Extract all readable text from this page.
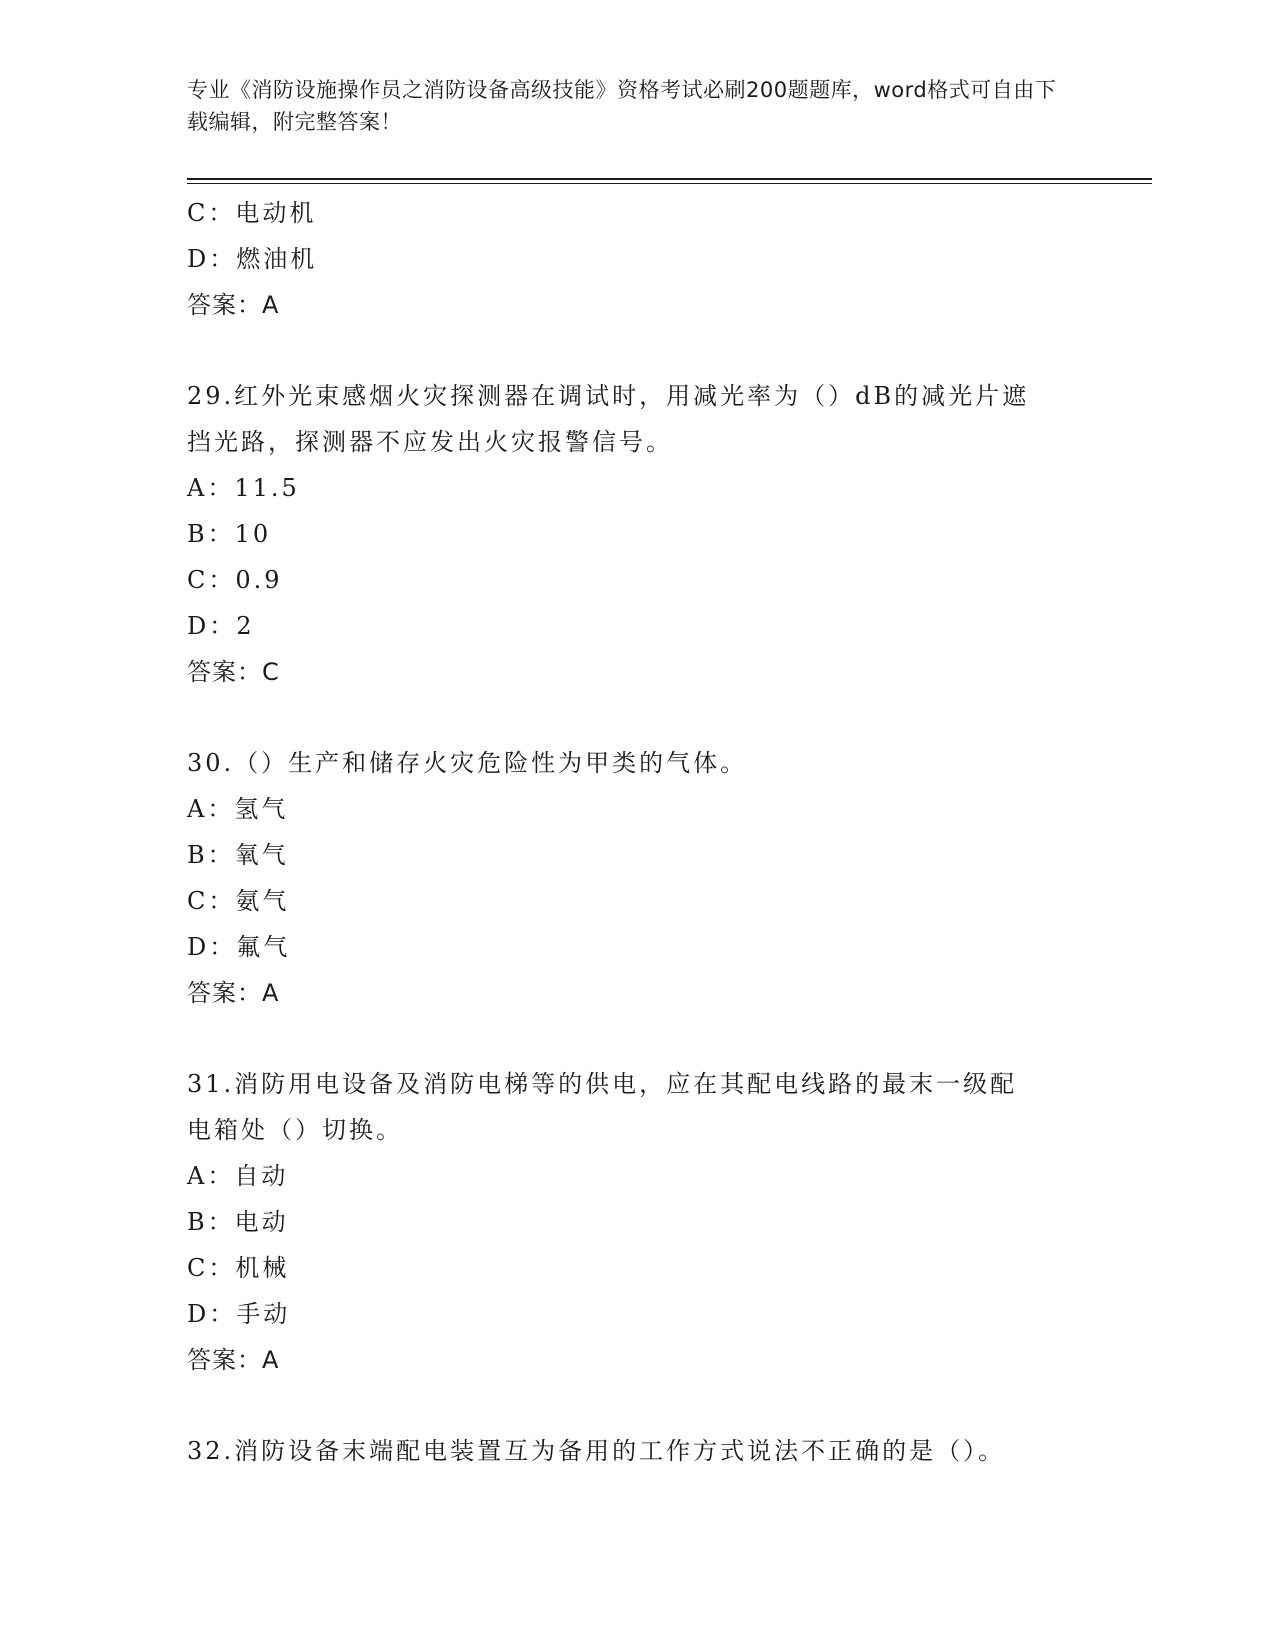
专业《消防设施操作员之消防设备高级技能》资格考试必刷200题题库，word格式可自由下载编辑，附完整答案！
C：电动机
D：燃油机
答案：A
29.红外光束感烟火灾探测器在调试时，用减光率为（）dB的减光片遮
挡光路，探测器不应发出火灾报警信号。
A：11.5
B：10
C：0.9
D：2
答案：C
30.（）生产和储存火灾危险性为甲类的气体。
A：氢气
B：氧气
C：氨气
D：氟气
答案：A
31.消防用电设备及消防电梯等的供电，应在其配电线路的最末一级配
电箱处（）切换。
A：自动
B：电动
C：机械
D：手动
答案：A
32.消防设备末端配电装置互为备用的工作方式说法不正确的是（）。
